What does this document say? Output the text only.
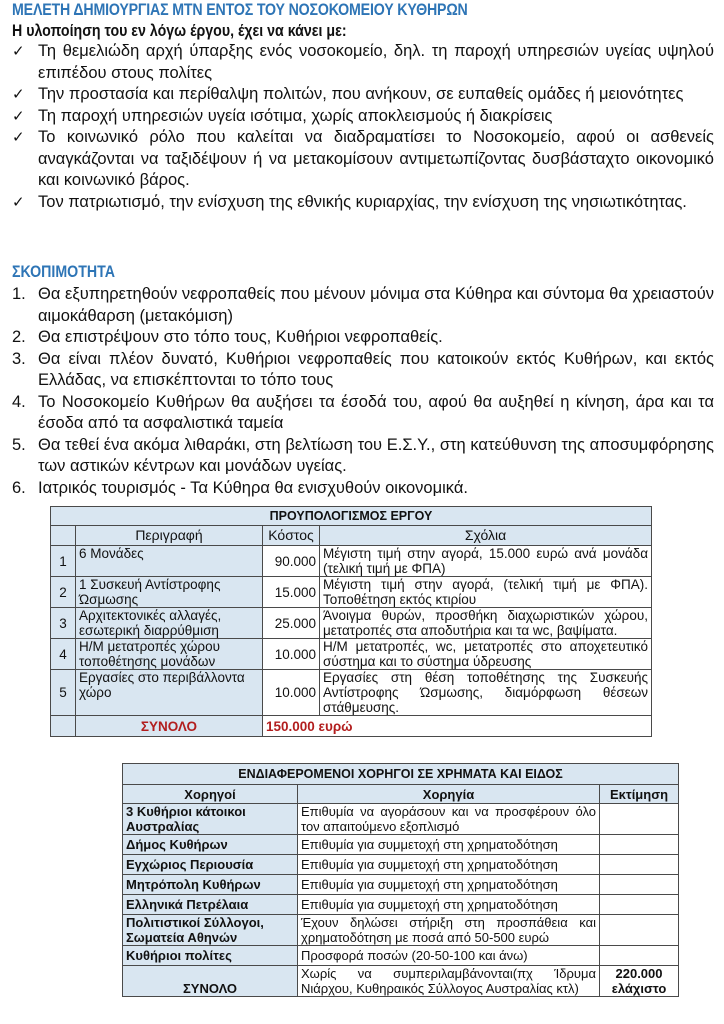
ΜΕΛΕΤΗ ΔΗΜΙΟΥΡΓΙΑΣ ΜΤΝ ΕΝΤΟΣ ΤΟΥ ΝΟΣΟΚΟΜΕΙΟΥ ΚΥΘΗΡΩΝ
Η υλοποίηση του εν λόγω έργου, έχει να κάνει με:
✓ Τη θεμελιώδη αρχή ύπαρξης ενός νοσοκομείο, δηλ. τη παροχή υπηρεσιών υγείας υψηλού επιπέδου στους πολίτες
✓ Την προστασία και περίθαλψη πολιτών, που ανήκουν, σε ευπαθείς ομάδες ή μειονότητες
✓ Τη παροχή υπηρεσιών υγεία ισότιμα, χωρίς αποκλεισμούς ή διακρίσεις
✓ Το κοινωνικό ρόλο που καλείται να διαδραματίσει το Νοσοκομείο, αφού οι ασθενείς αναγκάζονται να ταξιδέψουν ή να μετακομίσουν αντιμετωπίζοντας δυσβάσταχτο οικονομικό και κοινωνικό βάρος.
✓ Τον πατριωτισμό, την ενίσχυση της εθνικής κυριαρχίας, την ενίσχυση της νησιωτικότητας.
ΣΚΟΠΙΜΟΤΗΤΑ
1. Θα εξυπηρετηθούν νεφροπαθείς που μένουν μόνιμα στα Κύθηρα και σύντομα θα χρειαστούν αιμοκάθαρση (μετακόμιση)
2. Θα επιστρέψουν στο τόπο τους, Κυθήριοι νεφροπαθείς.
3. Θα είναι πλέον δυνατό, Κυθήριοι νεφροπαθείς που κατοικούν εκτός Κυθήρων, και εκτός Ελλάδας, να επισκέπτονται το τόπο τους
4. Το Νοσοκομείο Κυθήρων θα αυξήσει τα έσοδά του, αφού θα αυξηθεί η κίνηση, άρα και τα έσοδα από τα ασφαλιστικά ταμεία
5. Θα τεθεί ένα ακόμα λιθαράκι, στη βελτίωση του Ε.Σ.Υ., στη κατεύθυνση της αποσυμφόρησης των αστικών κέντρων και μονάδων υγείας.
6. Ιατρικός τουρισμός - Τα Κύθηρα θα ενισχυθούν οικονομικά.
ΠΡΟΥΠΟΛΟΓΙΣΜΟΣ ΕΡΓΟΥ			
	Περιγραφή	Κόστος	Σχόλια
1	6 Μονάδες	90.000	Μέγιστη τιμή στην αγορά, 15.000 ευρώ ανά μονάδα (τελική τιμή με ΦΠΑ)
2	1 Συσκευή Αντίστροφης Ώσμωσης	15.000	Μέγιστη τιμή στην αγορά, (τελική τιμή με ΦΠΑ). Τοποθέτηση εκτός κτιρίου
3	Αρχιτεκτονικές αλλαγές, εσωτερική διαρρύθμιση	25.000	Άνοιγμα θυρών, προσθήκη διαχωριστικών χώρου, μετατροπές στα αποδυτήρια και τα wc, βαψίματα.
4	Η/Μ μετατροπές χώρου τοποθέτησης μονάδων	10.000	Η/Μ μετατροπές, wc, μετατροπές στο αποχετευτικό σύστημα και το σύστημα ύδρευσης
5	Εργασίες στο περιβάλλοντα χώρο	10.000	Εργασίες στη θέση τοποθέτησης της Συσκευής Αντίστροφης Ώσμωσης, διαμόρφωση θέσεων στάθμευσης.
	ΣΥΝΟΛΟ	150.000 ευρώ	
ΕΝΔΙΑΦΕΡΟΜΕΝΟΙ ΧΟΡΗΓΟΙ ΣΕ ΧΡΗΜΑΤΑ ΚΑΙ ΕΙΔΟΣ		
Χορηγοί	Χορηγία	Εκτίμηση
3 Κυθήριοι κάτοικοι Αυστραλίας	Επιθυμία να αγοράσουν και να προσφέρουν όλο τον απαιτούμενο εξοπλισμό	
Δήμος Κυθήρων	Επιθυμία για συμμετοχή στη χρηματοδότηση	
Εγχώριος Περιουσία	Επιθυμία για συμμετοχή στη χρηματοδότηση	
Μητρόπολη Κυθήρων	Επιθυμία για συμμετοχή στη χρηματοδότηση	
Ελληνικά Πετρέλαια	Επιθυμία για συμμετοχή στη χρηματοδότηση	
Πολιτιστικοί Σύλλογοι, Σωματεία Αθηνών	Έχουν δηλώσει στήριξη στη προσπάθεια και χρηματοδότηση με ποσά από 50-500 ευρώ	
Κυθήριοι πολίτες	Προσφορά ποσών (20-50-100 και άνω)	
ΣΥΝΟΛΟ	Χωρίς να συμπεριλαμβάνονται(πχ Ίδρυμα Νιάρχου, Κυθηραικός Σύλλογος Αυστραλίας κτλ)	220.000
ελάχιστο
